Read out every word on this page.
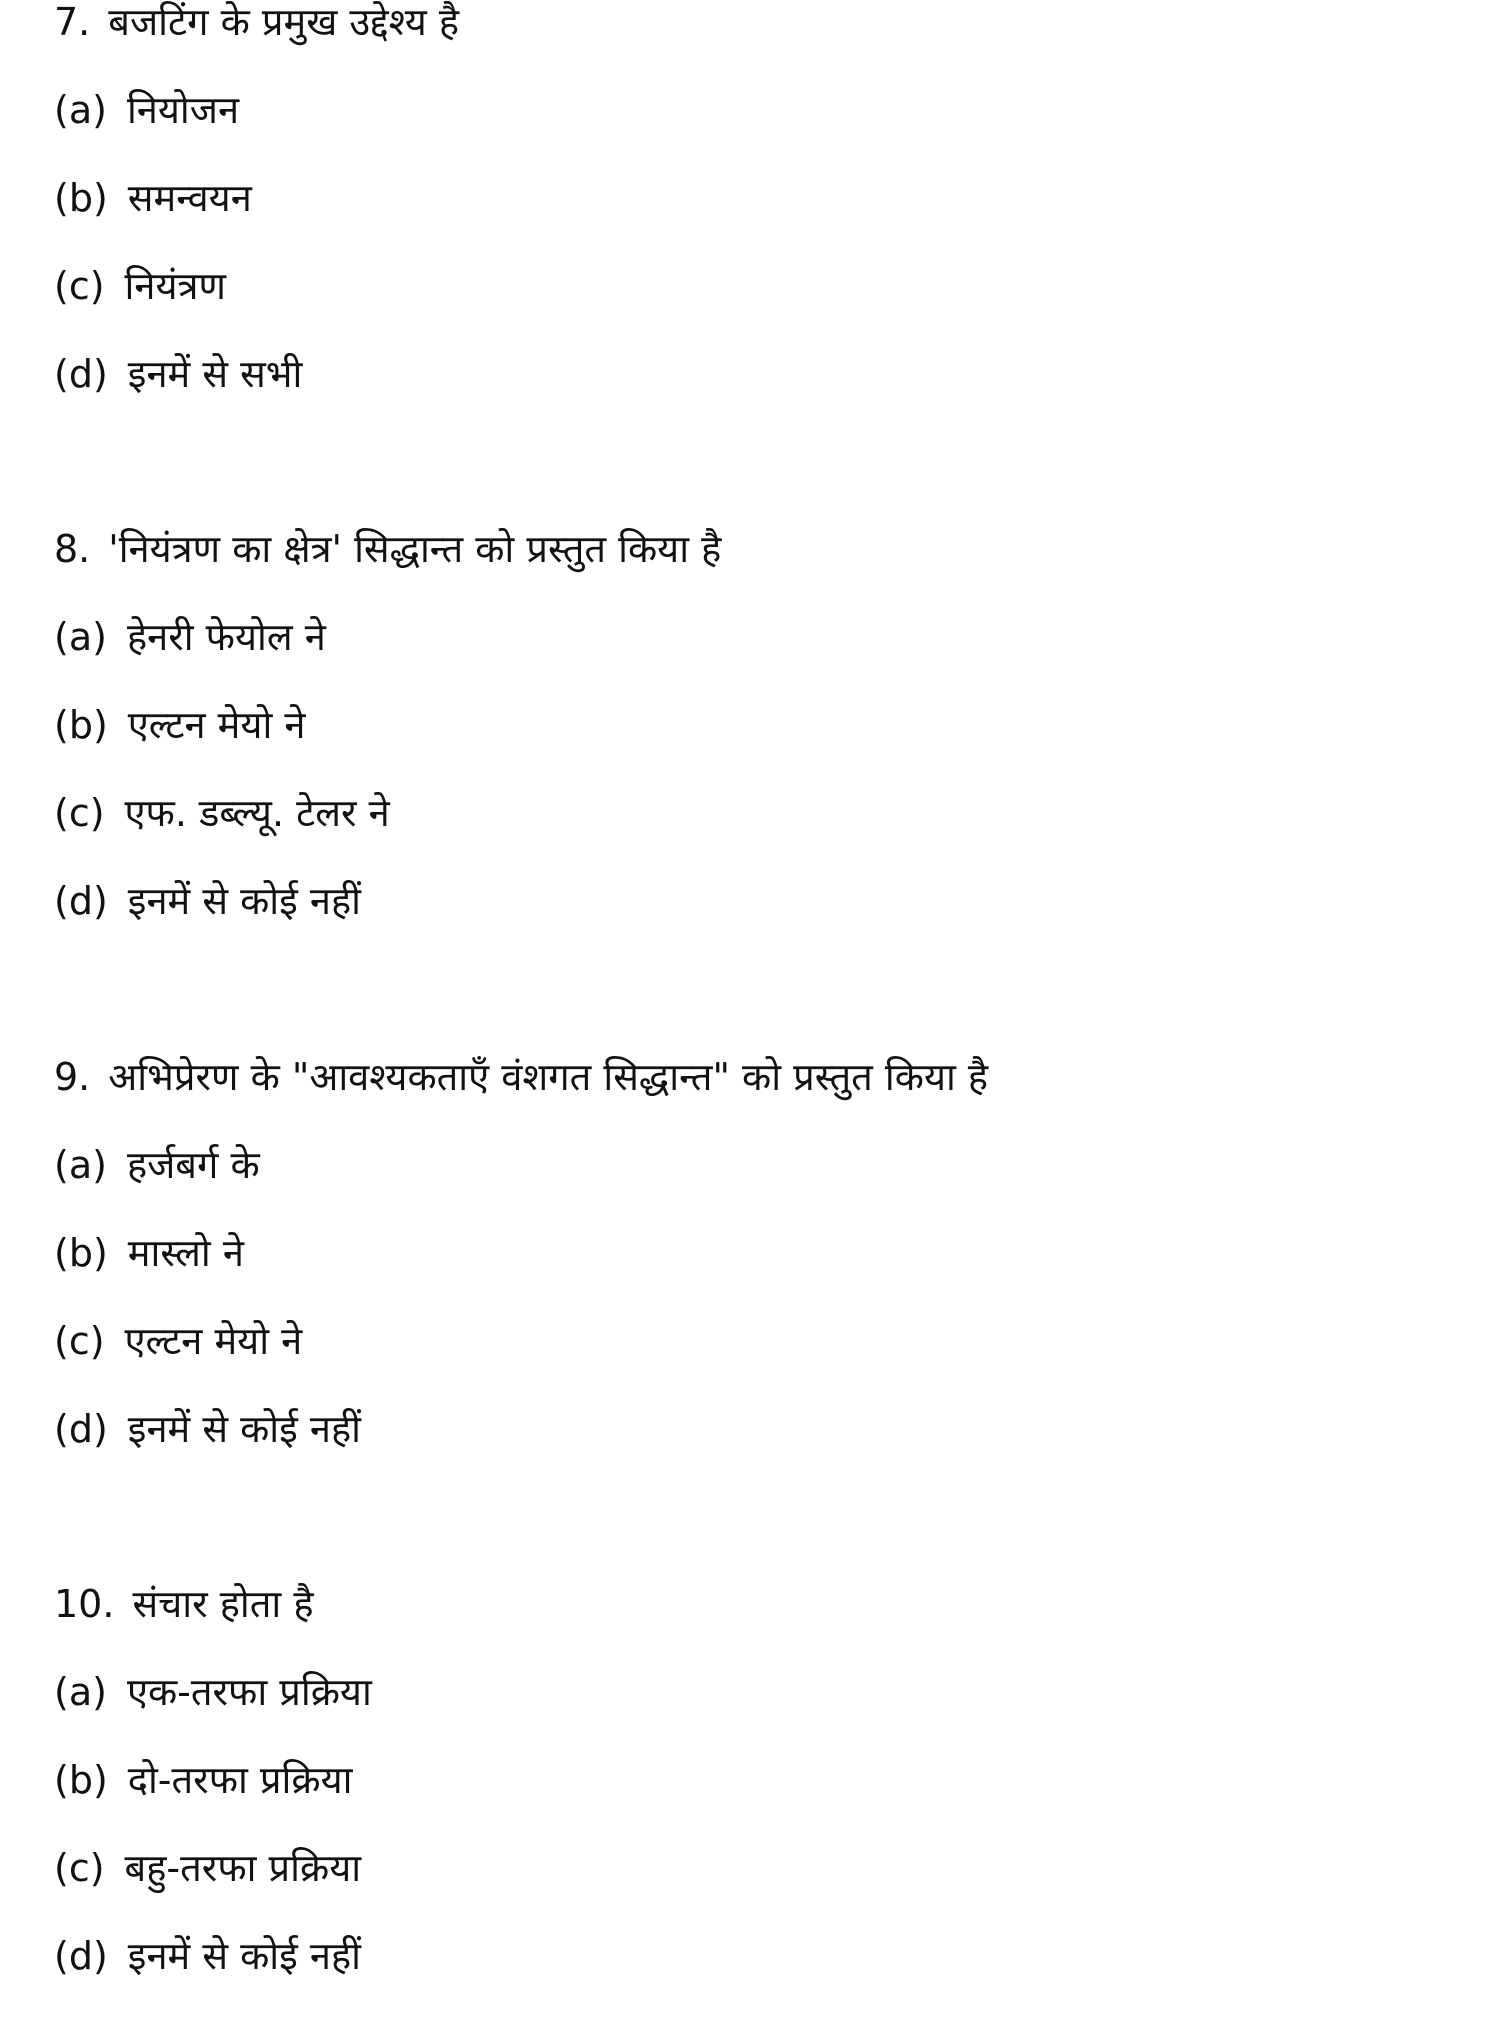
7. बजटिंग के प्रमुख उद्देश्य है
(a) नियोजन
(b) समन्वयन
(c) नियंत्रण
(d) इनमें से सभी
8. 'नियंत्रण का क्षेत्र' सिद्धान्त को प्रस्तुत किया है
(a) हेनरी फेयोल ने
(b) एल्टन मेयो ने
(c) एफ. डब्ल्यू. टेलर ने
(d) इनमें से कोई नहीं
9. अभिप्रेरण के "आवश्यकताएँ वंशगत सिद्धान्त" को प्रस्तुत किया है
(a) हर्जबर्ग के
(b) मास्लो ने
(c) एल्टन मेयो ने
(d) इनमें से कोई नहीं
10. संचार होता है
(a) एक-तरफा प्रक्रिया
(b) दो-तरफा प्रक्रिया
(c) बहु-तरफा प्रक्रिया
(d) इनमें से कोई नहीं
